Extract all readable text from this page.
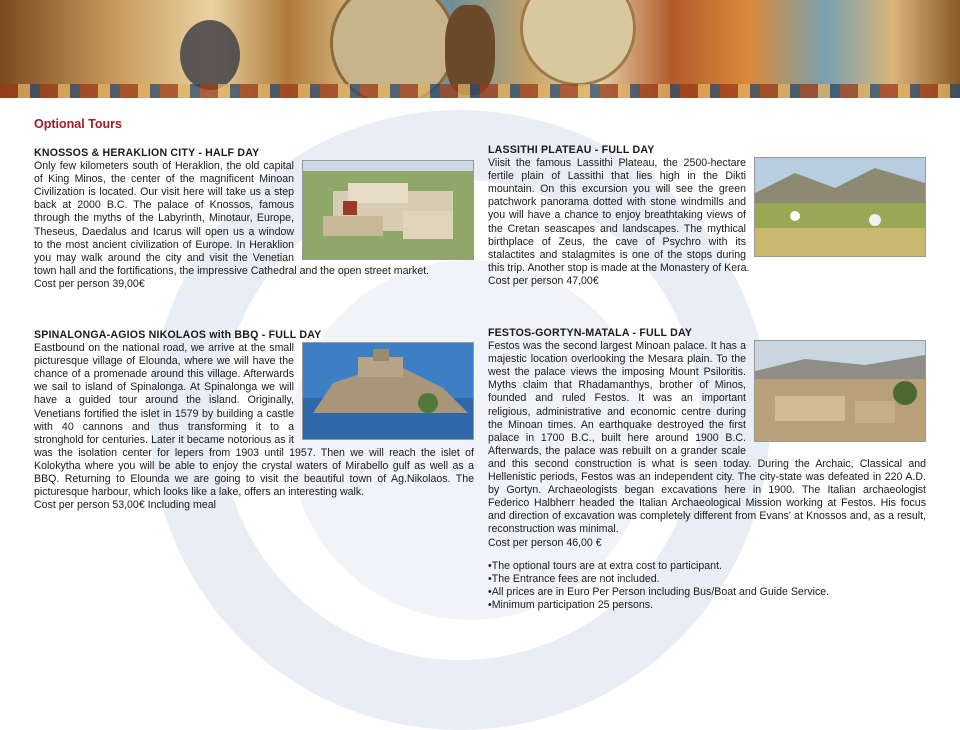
Optional Tours
KNOSSOS & HERAKLION CITY - HALF DAY

Only few kilometers south of Heraklion, the old capital of King Minos, the center of the magnificent Minoan Civilization is located. Our visit here will take us a step back at 2000 B.C. The palace of Knossos, famous through the myths of the Labyrinth, Minotaur, Europe, Theseus, Daedalus and Icarus will open us a window to the most ancient civilization of Europe. In Heraklion you may walk around the city and visit the Venetian town hall and the fortifications, the impressive Cathedral and the open street market.

Cost per person 39,00€

LASSITHI PLATEAU - FULL DAY

Viisit the famous Lassithi Plateau, the 2500-hectare fertile plain of Lassithi that lies high in the Dikti mountain. On this excursion you will see the green patchwork panorama dotted with stone windmills and you will have a chance to enjoy breathtaking views of the Cretan seascapes and landscapes. The mythical birthplace of Zeus, the cave of Psychro with its stalactites and stalagmites is one of the stops during this trip. Another stop is made at the Monastery of Kera.

Cost per person 47,00€

SPINALONGA-AGIOS NIKOLAOS with BBQ - FULL DAY

Eastbound on the national road, we arrive at the small picturesque village of Elounda, where we will have the chance of a promenade around this village. Afterwards we sail to island of Spinalonga. At Spinalonga we will have a guided tour around the island. Originally, Venetians fortified the islet in 1579 by building a castle with 40 cannons and thus transforming it to a stronghold for centuries. Later it became notorious as it was the isolation center for lepers from 1903 until 1957. Then we will reach the islet of Kolokytha where you will be able to enjoy the crystal waters of Mirabello gulf as well as a BBQ. Returning to Elounda we are going to visit the beautiful town of Ag.Nikolaos. The picturesque harbour, which looks like a lake, offers an interesting walk.

Cost per person 53,00€ Including meal

FESTOS-GORTYN-MATALA - FULL DAY

Festos was the second largest Minoan palace. It has a majestic location overlooking the Mesara plain. To the west the palace views the imposing Mount Psiloritis. Myths claim that Rhadamanthys, brother of Minos, founded and ruled Festos. It was an important religious, administrative and economic centre during the Minoan times. An earthquake destroyed the first palace in 1700 B.C., built here around 1900 B.C. Afterwards, the palace was rebuilt on a grander scale and this second construction is what is seen today. During the Archaic, Classical and Hellenistic periods, Festos was an independent city. The city-state was defeated in 220 A.D. by Gortyn. Archaeologists began excavations here in 1900. The Italian archaeologist Federico Halbherr headed the Italian Archaeological Mission working at Festos. His focus and direction of excavation was completely different from Evans' at Knossos and, as a result, reconstruction was minimal.

Cost per person 46,00 €

• The optional tours are at extra cost to participant.
• The Entrance fees are not included.
• All prices are in Euro Per Person including Bus/Boat and Guide Service.
• Minimum participation 25 persons.
